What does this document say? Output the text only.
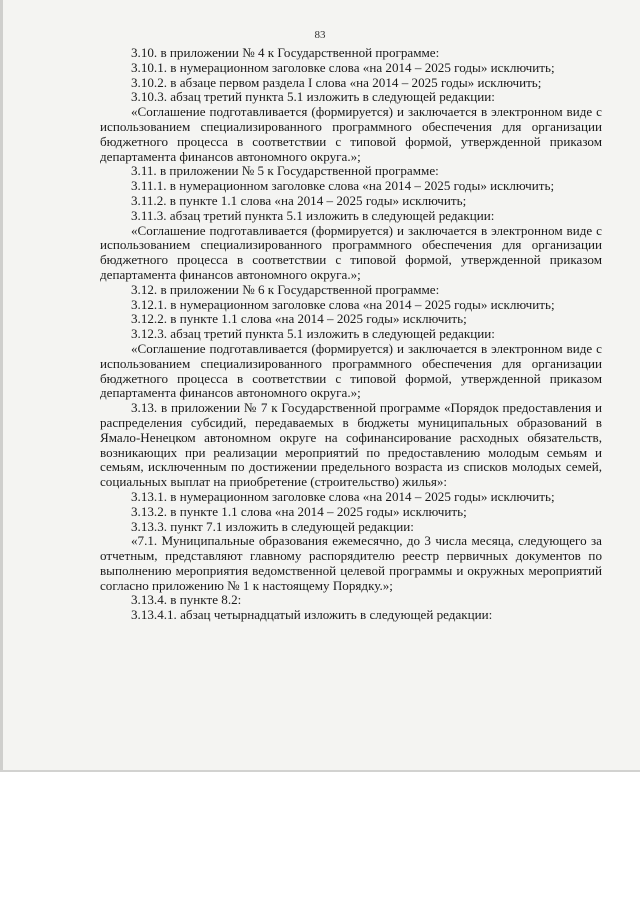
83

3.10. в приложении № 4 к Государственной программе:

3.10.1. в нумерационном заголовке слова «на 2014 – 2025 годы» исключить;

3.10.2. в абзаце первом раздела I слова «на 2014 – 2025 годы» исключить;

3.10.3. абзац третий пункта 5.1 изложить в следующей редакции:

«Соглашение подготавливается (формируется) и заключается в электронном виде с использованием специализированного программного обеспечения для организации бюджетного процесса в соответствии с типовой формой, утвержденной приказом департамента финансов автономного округа.»;

3.11. в приложении № 5 к Государственной программе:

3.11.1. в нумерационном заголовке слова «на 2014 – 2025 годы» исключить;

3.11.2. в пункте 1.1 слова «на 2014 – 2025 годы» исключить;

3.11.3. абзац третий пункта 5.1 изложить в следующей редакции:

«Соглашение подготавливается (формируется) и заключается в электронном виде с использованием специализированного программного обеспечения для организации бюджетного процесса в соответствии с типовой формой, утвержденной приказом департамента финансов автономного округа.»;

3.12. в приложении № 6 к Государственной программе:

3.12.1. в нумерационном заголовке слова «на 2014 – 2025 годы» исключить;

3.12.2. в пункте 1.1 слова «на 2014 – 2025 годы» исключить;

3.12.3. абзац третий пункта 5.1 изложить в следующей редакции:

«Соглашение подготавливается (формируется) и заключается в электронном виде с использованием специализированного программного обеспечения для организации бюджетного процесса в соответствии с типовой формой, утвержденной приказом департамента финансов автономного округа.»;

3.13. в приложении № 7 к Государственной программе «Порядок предоставления и распределения субсидий, передаваемых в бюджеты муниципальных образований в Ямало-Ненецком автономном округе на софинансирование расходных обязательств, возникающих при реализации мероприятий по предоставлению молодым семьям и семьям, исключенным по достижении предельного возраста из списков молодых семей, социальных выплат на приобретение (строительство) жилья»:

3.13.1. в нумерационном заголовке слова «на 2014 – 2025 годы» исключить;

3.13.2. в пункте 1.1 слова «на 2014 – 2025 годы» исключить;

3.13.3. пункт 7.1 изложить в следующей редакции:

«7.1. Муниципальные образования ежемесячно, до 3 числа месяца, следующего за отчетным, представляют главному распорядителю реестр первичных документов по выполнению мероприятия ведомственной целевой программы и окружных мероприятий согласно приложению № 1 к настоящему Порядку.»;

3.13.4. в пункте 8.2:

3.13.4.1. абзац четырнадцатый изложить в следующей редакции:
